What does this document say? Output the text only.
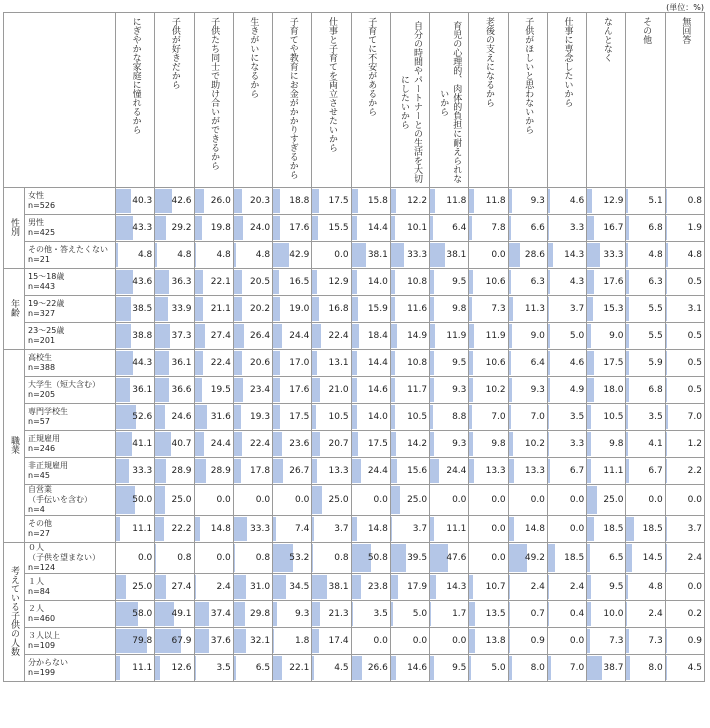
(単位：%)

		にぎやかな家庭に憧れるから	子供が好きだから	子供たち同士で助け合いができるから	生きがいになるから	子育てや教育にお金がかかりすぎるから	仕事と子育てを両立させたいから	子育てに不安があるから	自分の時間やパートナーとの生活を大切にしたいから	育児の心理的、肉体的負担に耐えられないから	老後の支えになるから	子供がほしいと思わないから	仕事に専念したいから	なんとなく	その他	無回答

性別	女性
n=526	40.3	42.6	26.0	20.3	18.8	17.5	15.8	12.2	11.8	11.8	9.3	4.6	12.9	5.1	0.8

	男性
n=425	43.3	29.2	19.8	24.0	17.6	15.5	14.4	10.1	6.4	7.8	6.6	3.3	16.7	6.8	1.9

	その他・答えたくない
n=21	4.8	4.8	4.8	4.8	42.9	0.0	38.1	33.3	38.1	0.0	28.6	14.3	33.3	4.8	4.8

年齢	15〜18歳
n=443	43.6	36.3	22.1	20.5	16.5	12.9	14.0	10.8	9.5	10.6	6.3	4.3	17.6	6.3	0.5

	19〜22歳
n=327	38.5	33.9	21.1	20.2	19.0	16.8	15.9	11.6	9.8	7.3	11.3	3.7	15.3	5.5	3.1

	23〜25歳
n=201	38.8	37.3	27.4	26.4	24.4	22.4	18.4	14.9	11.9	11.9	9.0	5.0	9.0	5.5	0.5

職業	高校生
n=388	44.3	36.1	22.4	20.6	17.0	13.1	14.4	10.8	9.5	10.6	6.4	4.6	17.5	5.9	0.5

	大学生（短大含む）
n=205	36.1	36.6	19.5	23.4	17.6	21.0	14.6	11.7	9.3	10.2	9.3	4.9	18.0	6.8	0.5

	専門学校生
n=57	52.6	24.6	31.6	19.3	17.5	10.5	14.0	10.5	8.8	7.0	7.0	3.5	10.5	3.5	7.0

	正規雇用
n=246	41.1	40.7	24.4	22.4	23.6	20.7	17.5	14.2	9.3	9.8	10.2	3.3	9.8	4.1	1.2

	非正規雇用
n=45	33.3	28.9	28.9	17.8	26.7	13.3	24.4	15.6	24.4	13.3	13.3	6.7	11.1	6.7	2.2

	自営業
（手伝いを含む）
n=4	50.0	25.0	0.0	0.0	0.0	25.0	0.0	25.0	0.0	0.0	0.0	0.0	25.0	0.0	0.0

	その他
n=27	11.1	22.2	14.8	33.3	7.4	3.7	14.8	3.7	11.1	0.0	14.8	0.0	18.5	18.5	3.7

考えている子供の人数	０人
（子供を望まない）
n=124	0.0	0.8	0.0	0.8	53.2	0.8	50.8	39.5	47.6	0.0	49.2	18.5	6.5	14.5	2.4

	１人
n=84	25.0	27.4	2.4	31.0	34.5	38.1	23.8	17.9	14.3	10.7	2.4	2.4	9.5	4.8	0.0

	２人
n=460	58.0	49.1	37.4	29.8	9.3	21.3	3.5	5.0	1.7	13.5	0.7	0.4	10.0	2.4	0.2

	３人以上
n=109	79.8	67.9	37.6	32.1	1.8	17.4	0.0	0.0	0.0	13.8	0.9	0.0	7.3	7.3	0.9

	分からない
n=199	11.1	12.6	3.5	6.5	22.1	4.5	26.6	14.6	9.5	5.0	8.0	7.0	38.7	8.0	4.5
